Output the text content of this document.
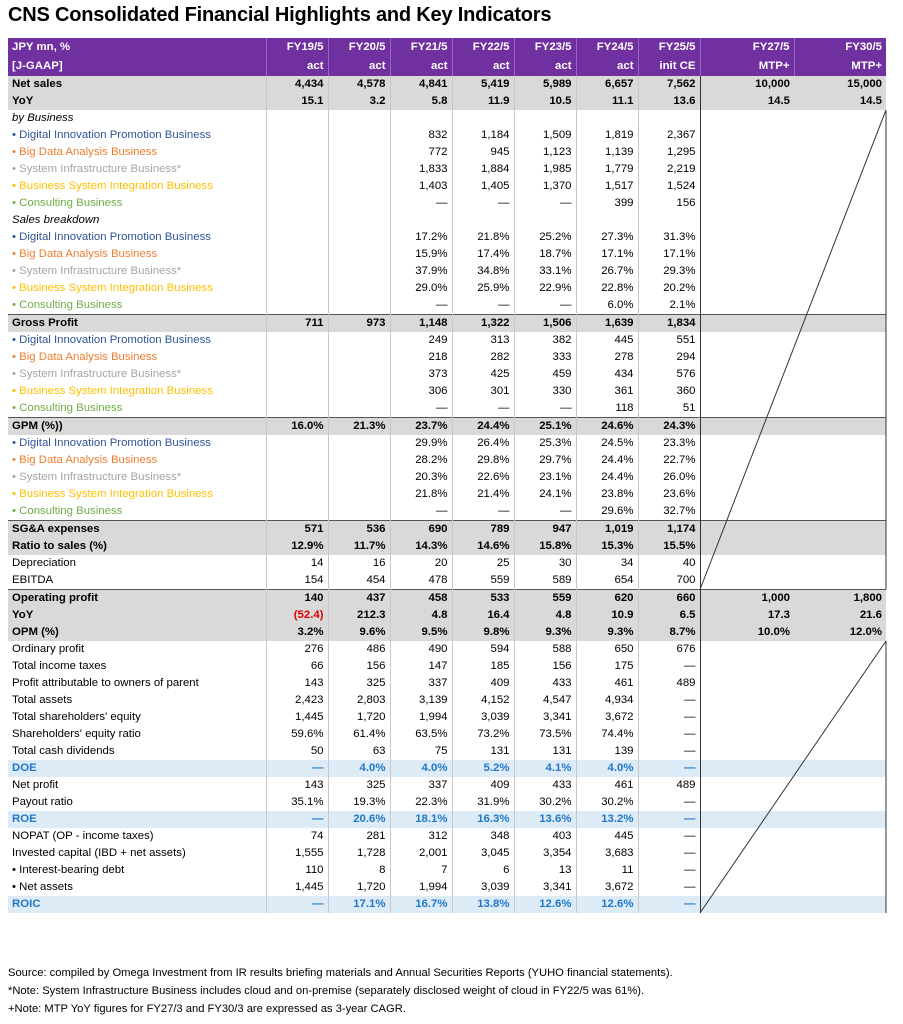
CNS Consolidated Financial Highlights and Key Indicators
JPY mn, %	FY19/5	FY20/5	FY21/5	FY22/5	FY23/5	FY24/5	FY25/5	FY27/5	FY30/5
[J-GAAP]	act	act	act	act	act	act	init CE	MTP+	MTP+
Net sales	4,434	4,578	4,841	5,419	5,989	6,657	7,562	10,000	15,000
YoY	15.1	3.2	5.8	11.9	10.5	11.1	13.6	14.5	14.5
by Business									
• Digital Innovation Promotion Business			832	1,184	1,509	1,819	2,367		
• Big Data Analysis Business			772	945	1,123	1,139	1,295		
• System Infrastructure Business*			1,833	1,884	1,985	1,779	2,219		
• Business System Integration Business			1,403	1,405	1,370	1,517	1,524		
• Consulting Business			—	—	—	399	156		
Sales breakdown									
• Digital Innovation Promotion Business			17.2%	21.8%	25.2%	27.3%	31.3%		
• Big Data Analysis Business			15.9%	17.4%	18.7%	17.1%	17.1%		
• System Infrastructure Business*			37.9%	34.8%	33.1%	26.7%	29.3%		
• Business System Integration Business			29.0%	25.9%	22.9%	22.8%	20.2%		
• Consulting Business			—	—	—	6.0%	2.1%		
Gross Profit	711	973	1,148	1,322	1,506	1,639	1,834		
• Digital Innovation Promotion Business			249	313	382	445	551		
• Big Data Analysis Business			218	282	333	278	294		
• System Infrastructure Business*			373	425	459	434	576		
• Business System Integration Business			306	301	330	361	360		
• Consulting Business			—	—	—	118	51		
GPM (%))	16.0%	21.3%	23.7%	24.4%	25.1%	24.6%	24.3%		
• Digital Innovation Promotion Business			29.9%	26.4%	25.3%	24.5%	23.3%		
• Big Data Analysis Business			28.2%	29.8%	29.7%	24.4%	22.7%		
• System Infrastructure Business*			20.3%	22.6%	23.1%	24.4%	26.0%		
• Business System Integration Business			21.8%	21.4%	24.1%	23.8%	23.6%		
• Consulting Business			—	—	—	29.6%	32.7%		
SG&A expenses	571	536	690	789	947	1,019	1,174		
Ratio to sales (%)	12.9%	11.7%	14.3%	14.6%	15.8%	15.3%	15.5%		
Depreciation	14	16	20	25	30	34	40		
EBITDA	154	454	478	559	589	654	700		
Operating profit	140	437	458	533	559	620	660	1,000	1,800
YoY	(52.4)	212.3	4.8	16.4	4.8	10.9	6.5	17.3	21.6
OPM (%)	3.2%	9.6%	9.5%	9.8%	9.3%	9.3%	8.7%	10.0%	12.0%
Ordinary profit	276	486	490	594	588	650	676		
Total income taxes	66	156	147	185	156	175	—		
Profit attributable to owners of parent	143	325	337	409	433	461	489		
Total assets	2,423	2,803	3,139	4,152	4,547	4,934	—		
Total shareholders' equity	1,445	1,720	1,994	3,039	3,341	3,672	—		
Shareholders' equity ratio	59.6%	61.4%	63.5%	73.2%	73.5%	74.4%	—		
Total cash dividends	50	63	75	131	131	139	—		
DOE	—	4.0%	4.0%	5.2%	4.1%	4.0%	—		
Net profit	143	325	337	409	433	461	489		
Payout ratio	35.1%	19.3%	22.3%	31.9%	30.2%	30.2%	—		
ROE	—	20.6%	18.1%	16.3%	13.6%	13.2%	—		
NOPAT (OP - income taxes)	74	281	312	348	403	445	—		
Invested capital (IBD + net assets)	1,555	1,728	2,001	3,045	3,354	3,683	—		
• Interest-bearing debt	110	8	7	6	13	11	—		
• Net assets	1,445	1,720	1,994	3,039	3,341	3,672	—		
ROIC	—	17.1%	16.7%	13.8%	12.6%	12.6%	—		
Source: compiled by Omega Investment from IR results briefing materials and Annual Securities Reports (YUHO financial statements).
*Note: System Infrastructure Business includes cloud and on-premise (separately disclosed weight of cloud in FY22/5 was 61%).
+Note: MTP YoY figures for FY27/3 and FY30/3 are expressed as 3-year CAGR.
